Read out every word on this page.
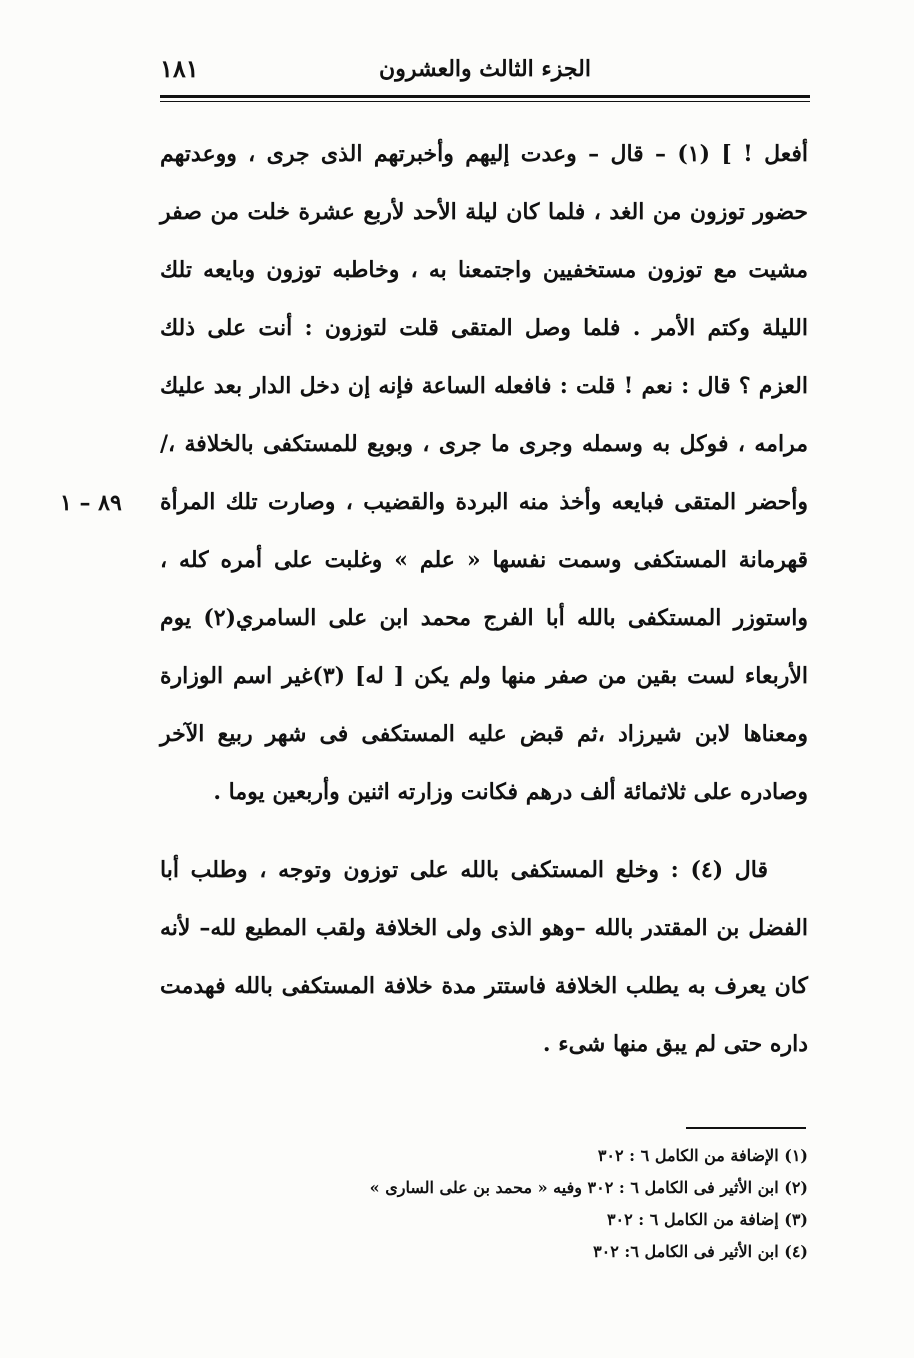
الجزء الثالث والعشرون
١٨١
٨٩ – ١

أفعل ! ] (١) – قال – وعدت إليهم وأخبرتهم الذى جرى ، ووعدتهم حضور توزون من الغد ، فلما كان ليلة الأحد لأربع عشرة خلت من صفر مشيت مع توزون مستخفيين واجتمعنا به ، وخاطبه توزون وبايعه تلك الليلة وكتم الأمر . فلما وصل المتقى قلت لتوزون : أنت على ذلك العزم ؟ قال : نعم ! قلت : فافعله الساعة فإنه إن دخل الدار بعد عليك مرامه ، فوكل به وسمله وجرى ما جرى ، وبويع للمستكفى بالخلافة ،/ وأحضر المتقى فبايعه وأخذ منه البردة والقضيب ، وصارت تلك المرأة قهرمانة المستكفى وسمت نفسها « علم » وغلبت على أمره كله ، واستوزر المستكفى بالله أبا الفرج محمد ابن على السامري(٢) يوم الأربعاء لست بقين من صفر منها ولم يكن [ له] (٣)غير اسم الوزارة ومعناها لابن شيرزاد ،ثم قبض عليه المستكفى فى شهر ربيع الآخر وصادره على ثلاثمائة ألف درهم فكانت وزارته اثنين وأربعين يوما .

قال (٤) : وخلع المستكفى بالله على توزون وتوجه ، وطلب أبا الفضل بن المقتدر بالله –وهو الذى ولى الخلافة ولقب المطيع لله– لأنه كان يعرف به يطلب الخلافة فاستتر مدة خلافة المستكفى بالله فهدمت داره حتى لم يبق منها شىء .

(١) الإضافة من الكامل ٦ : ٣٠٢
(٢) ابن الأثير فى الكامل ٦ : ٣٠٢ وفيه « محمد بن على السارى »
(٣) إضافة من الكامل ٦ : ٣٠٢
(٤) ابن الأثير فى الكامل ٦: ٣٠٢
